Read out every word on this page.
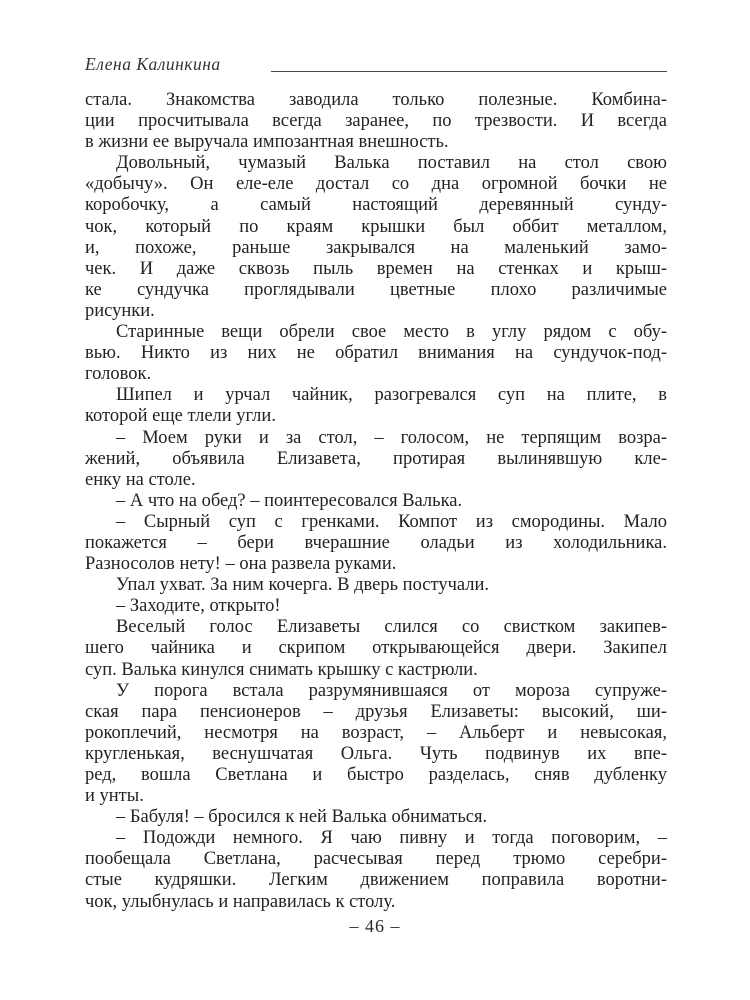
Елена Калинкина
стала. Знакомства заводила только полезные. Комбина-
ции просчитывала всегда заранее, по трезвости. И всегда
в жизни ее выручала импозантная внешность.
Довольный, чумазый Валька поставил на стол свою
«добычу». Он еле-еле достал со дна огромной бочки не
коробочку, а самый настоящий деревянный сунду-
чок, который по краям крышки был оббит металлом,
и, похоже, раньше закрывался на маленький замо-
чек. И даже сквозь пыль времен на стенках и крыш-
ке сундучка проглядывали цветные плохо различимые
рисунки.
Старинные вещи обрели свое место в углу рядом с обу-
вью. Никто из них не обратил внимания на сундучок-под-
головок.
Шипел и урчал чайник, разогревался суп на плите, в
которой еще тлели угли.
– Моем руки и за стол, – голосом, не терпящим возра-
жений, объявила Елизавета, протирая вылинявшую кле-
енку на столе.
– А что на обед? – поинтересовался Валька.
– Сырный суп с гренками. Компот из смородины. Мало
покажется – бери вчерашние оладьи из холодильника.
Разносолов нету! – она развела руками.
Упал ухват. За ним кочерга. В дверь постучали.
– Заходите, открыто!
Веселый голос Елизаветы слился со свистком закипев-
шего чайника и скрипом открывающейся двери. Закипел
суп. Валька кинулся снимать крышку с кастрюли.
У порога встала разрумянившаяся от мороза супруже-
ская пара пенсионеров – друзья Елизаветы: высокий, ши-
рокоплечий, несмотря на возраст, – Альберт и невысокая,
кругленькая, веснушчатая Ольга. Чуть подвинув их впе-
ред, вошла Светлана и быстро разделась, сняв дубленку
и унты.
– Бабуля! – бросился к ней Валька обниматься.
– Подожди немного. Я чаю пивну и тогда поговорим, –
пообещала Светлана, расчесывая перед трюмо серебри-
стые кудряшки. Легким движением поправила воротни-
чок, улыбнулась и направилась к столу.
– 46 –
